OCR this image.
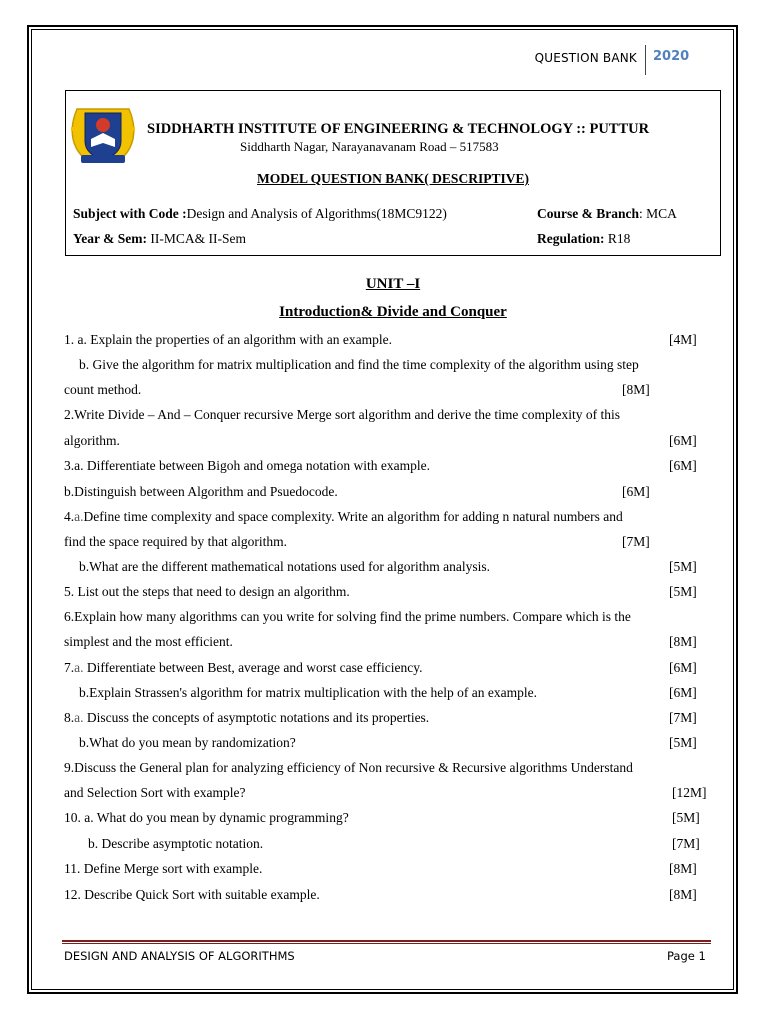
QUESTION BANK 2020
SIDDHARTH INSTITUTE OF ENGINEERING & TECHNOLOGY :: PUTTUR
Siddharth Nagar, Narayanavanam Road – 517583
MODEL QUESTION BANK( DESCRIPTIVE)
Subject with Code :Design and Analysis of Algorithms(18MC9122)	Course & Branch: MCA
Year & Sem: II-MCA& II-Sem	Regulation: R18
UNIT –I
Introduction& Divide and Conquer
1. a. Explain the properties of an algorithm with an example.	[4M]
b. Give the algorithm for matrix multiplication and find the time complexity of the algorithm using step
count method.	[8M]
2.Write Divide – And – Conquer recursive Merge sort algorithm and derive the time complexity of this
algorithm.	[6M]
3.a. Differentiate between Bigoh and omega notation with example.	[6M]
b.Distinguish between Algorithm and Psuedocode.	[6M]
4.a.Define time complexity and space complexity. Write an algorithm for adding n natural numbers and
find the space required by that algorithm.	[7M]
b.What are the different mathematical notations used for algorithm analysis.	[5M]
5. List out the steps that need to design an algorithm.	[5M]
6.Explain how many algorithms can you write for solving find the prime numbers. Compare which is the
simplest and the most efficient.	[8M]
7.a. Differentiate between Best, average and worst case efficiency.	[6M]
b.Explain Strassen's algorithm for matrix multiplication with the help of an example.	[6M]
8.a. Discuss the concepts of asymptotic notations and its properties.	[7M]
b.What do you mean by randomization?	[5M]
9.Discuss the General plan for analyzing efficiency of Non recursive & Recursive algorithms Understand
and Selection Sort with example?	[12M]
10. a. What do you mean by dynamic programming?	[5M]
b. Describe asymptotic notation.	[7M]
11. Define Merge sort with example.	[8M]
12. Describe Quick Sort with suitable example.	[8M]
DESIGN AND ANALYSIS OF ALGORITHMS	Page 1
